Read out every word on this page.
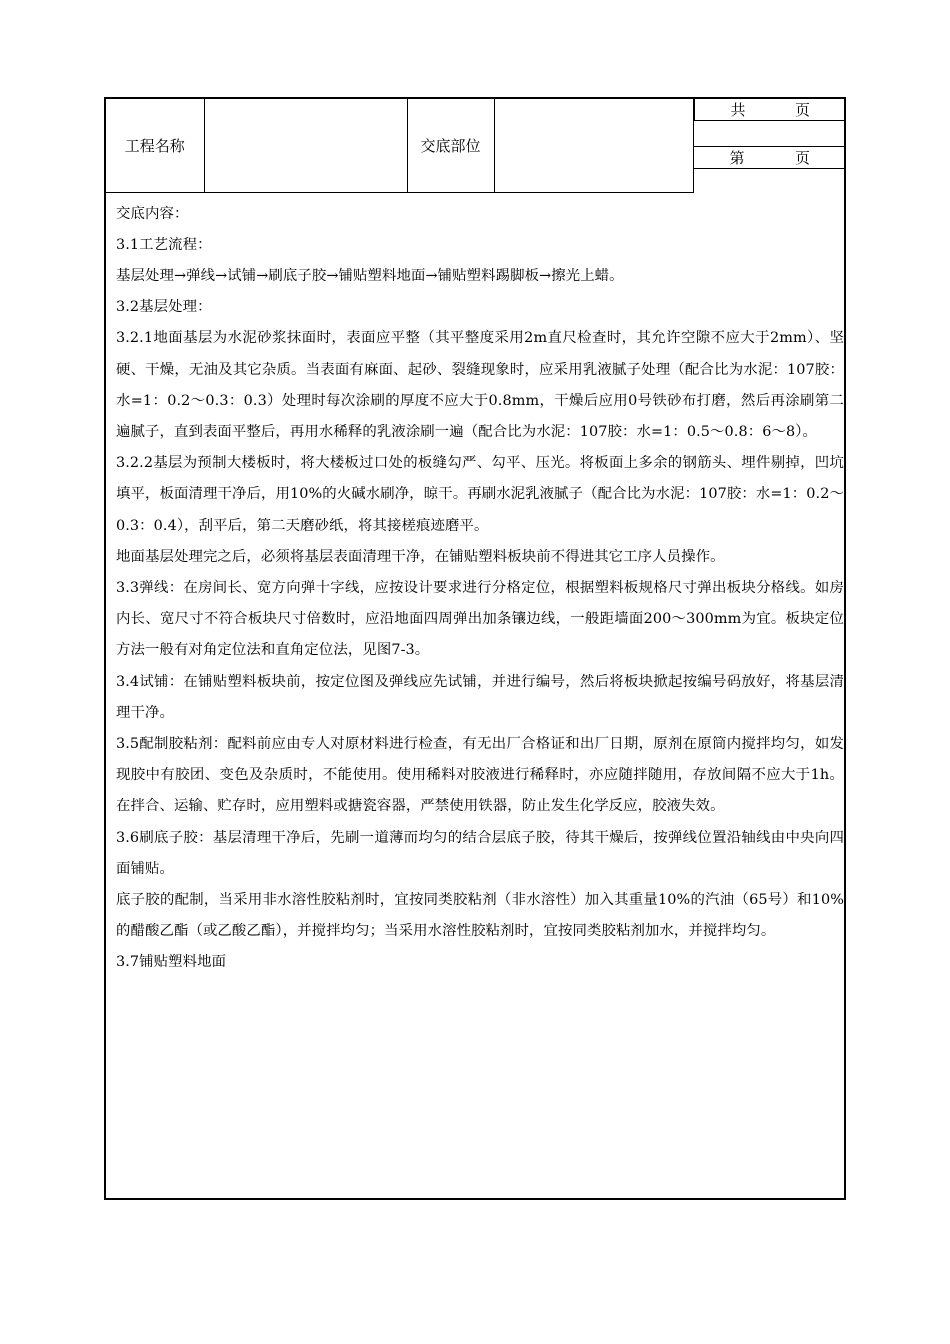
工程名称		交底部位		
共	页

第	页

交底内容：

3.1工艺流程：

基层处理→弹线→试铺→刷底子胶→铺贴塑料地面→铺贴塑料踢脚板→擦光上蜡。

3.2基层处理：

3.2.1地面基层为水泥砂浆抹面时，表面应平整（其平整度采用2m直尺检查时，其允许空隙不应大于2mm）、坚硬、干燥，无油及其它杂质。当表面有麻面、起砂、裂缝现象时，应采用乳液腻子处理（配合比为水泥：107胶：水=1：0.2～0.3：0.3）处理时每次涂刷的厚度不应大于0.8mm，干燥后应用0号铁砂布打磨，然后再涂刷第二遍腻子，直到表面平整后，再用水稀释的乳液涂刷一遍（配合比为水泥：107胶：水=1：0.5～0.8：6～8）。

3.2.2基层为预制大楼板时，将大楼板过口处的板缝勾严、勾平、压光。将板面上多余的钢筋头、埋件剔掉，凹坑填平，板面清理干净后，用10%的火碱水刷净，晾干。再刷水泥乳液腻子（配合比为水泥：107胶：水=1：0.2～0.3：0.4），刮平后，第二天磨砂纸，将其接槎痕迹磨平。

地面基层处理完之后，必须将基层表面清理干净，在铺贴塑料板块前不得进其它工序人员操作。

3.3弹线：在房间长、宽方向弹十字线，应按设计要求进行分格定位，根据塑料板规格尺寸弹出板块分格线。如房内长、宽尺寸不符合板块尺寸倍数时，应沿地面四周弹出加条镶边线，一般距墙面200～300mm为宜。板块定位方法一般有对角定位法和直角定位法，见图7-3。

3.4试铺：在铺贴塑料板块前，按定位图及弹线应先试铺，并进行编号，然后将板块掀起按编号码放好，将基层清理干净。

3.5配制胶粘剂：配料前应由专人对原材料进行检查，有无出厂合格证和出厂日期，原剂在原筒内搅拌均匀，如发现胶中有胶团、变色及杂质时，不能使用。使用稀料对胶液进行稀释时，亦应随拌随用，存放间隔不应大于1h。在拌合、运输、贮存时，应用塑料或搪瓷容器，严禁使用铁器，防止发生化学反应，胶液失效。

3.6刷底子胶：基层清理干净后，先刷一道薄而均匀的结合层底子胶，待其干燥后，按弹线位置沿轴线由中央向四面铺贴。

底子胶的配制，当采用非水溶性胶粘剂时，宜按同类胶粘剂（非水溶性）加入其重量10%的汽油（65号）和10%的醋酸乙酯（或乙酸乙酯），并搅拌均匀；当采用水溶性胶粘剂时，宜按同类胶粘剂加水，并搅拌均匀。

3.7铺贴塑料地面
